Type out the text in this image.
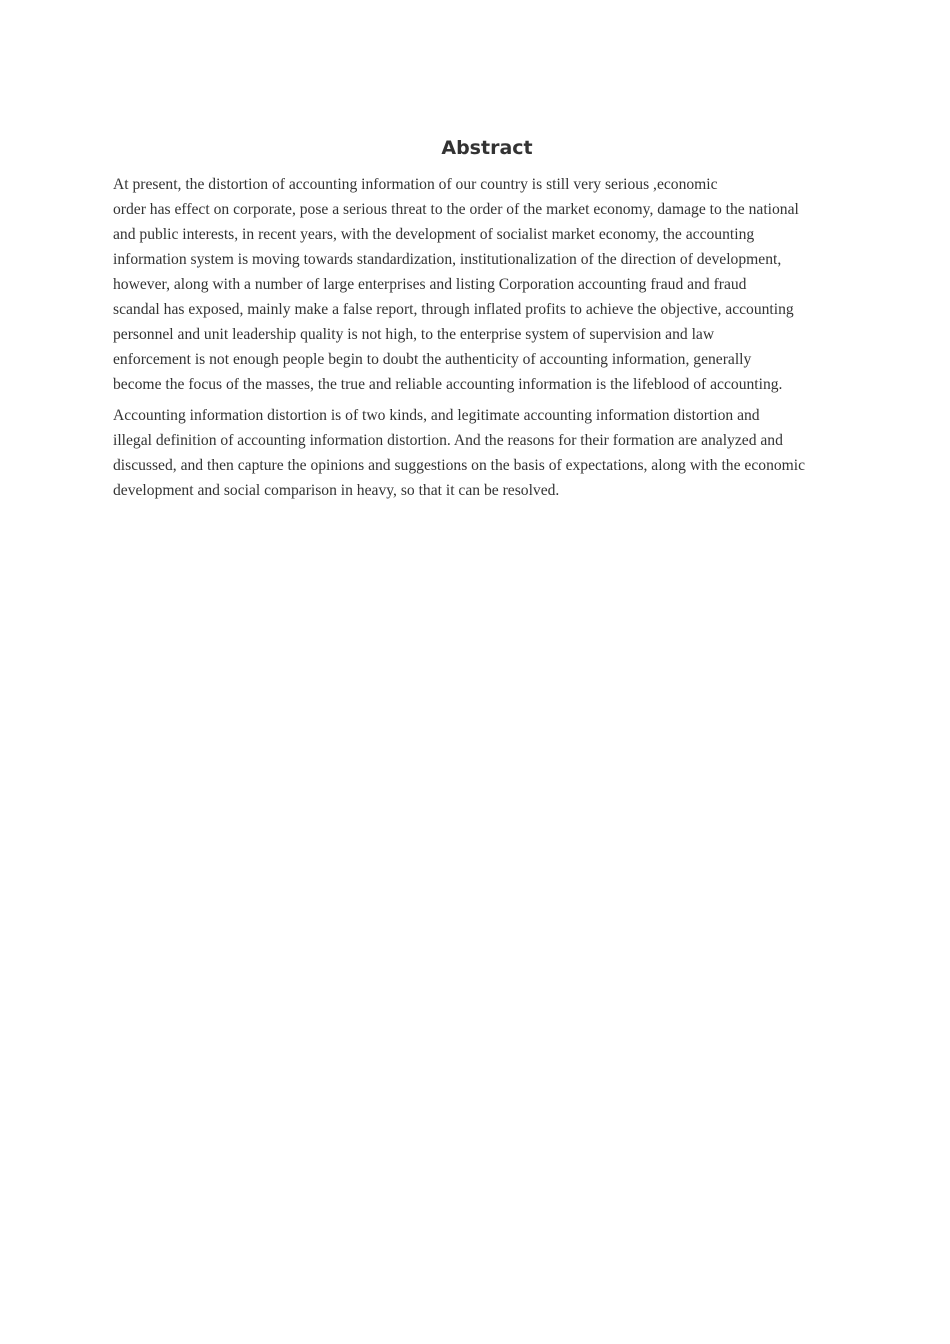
Abstract

At present, the distortion of accounting information of our country is still very serious ,economic
order has effect on corporate, pose a serious threat to the order of the market economy, damage to the national
and public interests, in recent years, with the development of socialist market economy, the accounting
information system is moving towards standardization, institutionalization of the direction of development,
however, along with a number of large enterprises and listing Corporation accounting fraud and fraud
scandal has exposed, mainly make a false report, through inflated profits to achieve the objective, accounting
personnel and unit leadership quality is not high, to the enterprise system of supervision and law
enforcement is not enough people begin to doubt the authenticity of accounting information, generally
become the focus of the masses, the true and reliable accounting information is the lifeblood of accounting.

Accounting information distortion is of two kinds, and legitimate accounting information distortion and
illegal definition of accounting information distortion. And the reasons for their formation are analyzed and
discussed, and then capture the opinions and suggestions on the basis of expectations, along with the economic
development and social comparison in heavy, so that it can be resolved.
